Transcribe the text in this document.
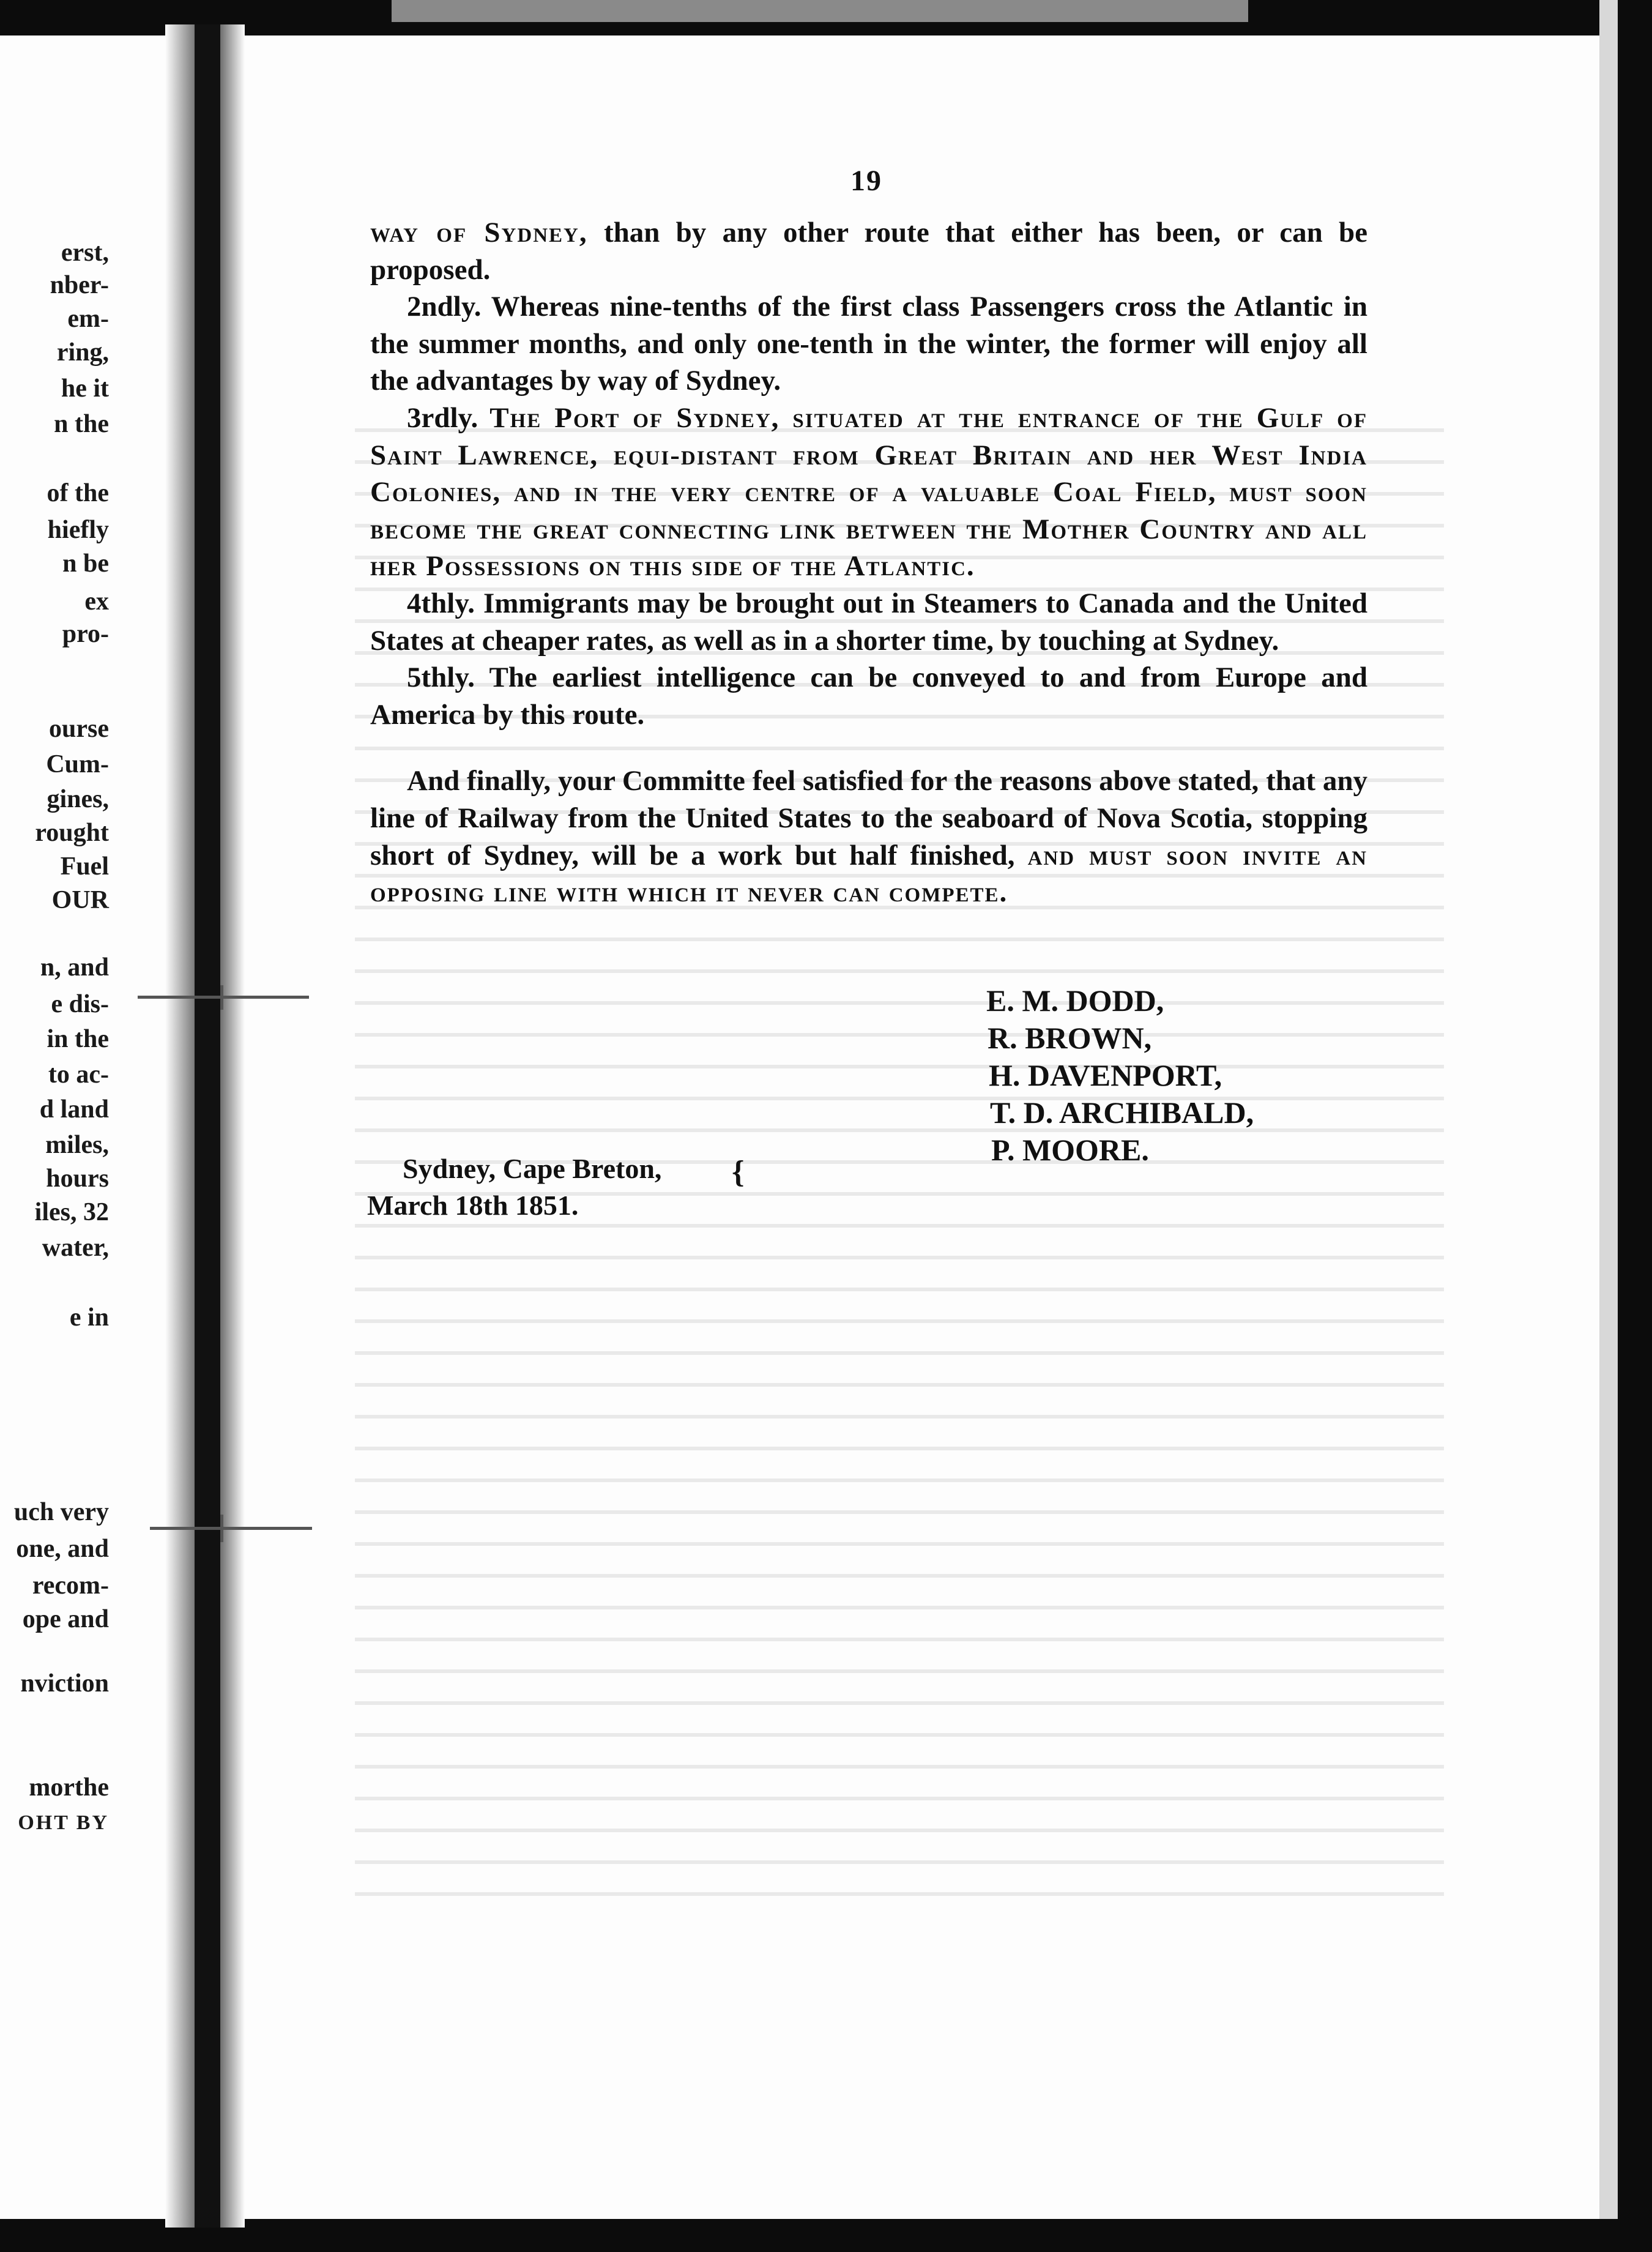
erst,
nber-
em-
ring,
he it
n the
of the
hiefly
n be
ex
pro-
ourse
Cum-
gines,
rought
Fuel
OUR
n, and
e dis-
in the
to ac-
d land
miles,
hours
iles, 32
water,
e in
uch very
one, and
recom-
ope and
nviction
morthe
OHT BY
19

way of Sydney, than by any other route that either has been, or can be proposed.

2ndly. Whereas nine-tenths of the first class Passengers cross the Atlantic in the summer months, and only one-tenth in the winter, the former will enjoy all the advantages by way of Sydney.

3rdly. The Port of Sydney, situated at the entrance of the Gulf of Saint Lawrence, equi-distant from Great Britain and her West India Colonies, and in the very centre of a valuable Coal Field, must soon become the great connecting link between the Mother Country and all her Possessions on this side of the Atlantic.

4thly. Immigrants may be brought out in Steamers to Canada and the United States at cheaper rates, as well as in a shorter time, by touching at Sydney.

5thly. The earliest intelligence can be conveyed to and from Europe and America by this route.

And finally, your Committe feel satisfied for the reasons above stated, that any line of Railway from the United States to the seaboard of Nova Scotia, stopping short of Sydney, will be a work but half finished, and must soon invite an opposing line with which it never can compete.

E. M. DODD,
R. BROWN,
H. DAVENPORT,
T. D. ARCHIBALD,
P. MOORE.
Sydney, Cape Breton,
March 18th 1851.
{
